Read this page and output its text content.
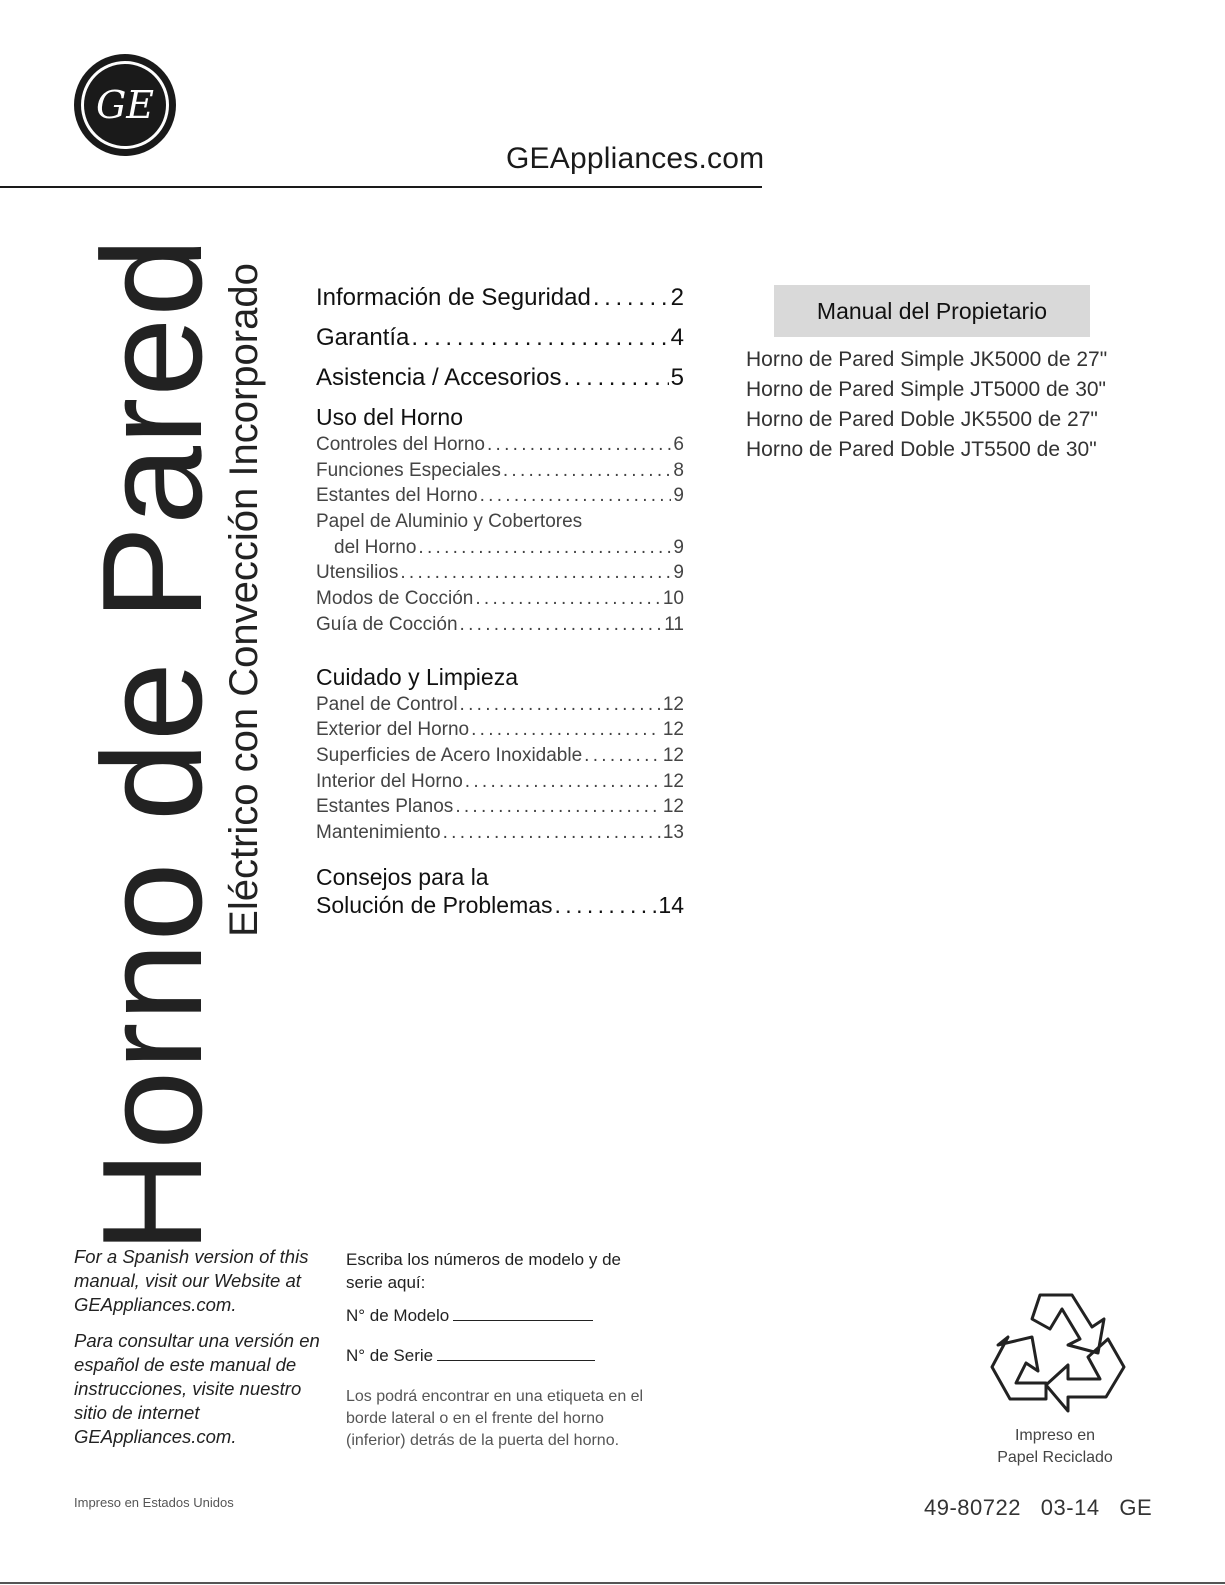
GE
GEAppliances.com
Horno de Pared
Eléctrico con Convección Incorporado Información de Seguridad . . .	2
Garantía . . .	4
Asistencia / Accesorios . . .	5
Uso del Horno
Controles del Horno . . .	6
Funciones Especiales . . .	8
Estantes del Horno . . .	9
Papel de Aluminio y Cobertores
del Horno . . .	9
Utensilios . . .	9
Modos de Cocción . . .	10
Guía de Cocción . . .	11
Cuidado y Limpieza
Panel de Control . . .	12
Exterior del Horno . . .	12
Superficies de Acero Inoxidable . . .	12
Interior del Horno . . .	12
Estantes Planos . . .	12
Mantenimiento . . .	13
Consejos para la
Solución de Problemas . . .	14
Manual del Propietario
Horno de Pared Simple JK5000 de 27"
Horno de Pared Simple JT5000 de 30"
Horno de Pared Doble JK5500 de 27"
Horno de Pared Doble JT5500 de 30"

For a Spanish version of this manual, visit our Website at GEAppliances.com.

Para consultar una versión en español de este manual de instrucciones, visite nuestro sitio de internet GEAppliances.com.

Impreso en Estados Unidos
Escriba los números de modelo y de serie aquí:
N° de Modelo
N° de Serie
Los podrá encontrar en una etiqueta en el borde lateral o en el frente del horno (inferior) detrás de la puerta del horno.	Impreso en
Papel Reciclado
49-80722   03-14   GE
